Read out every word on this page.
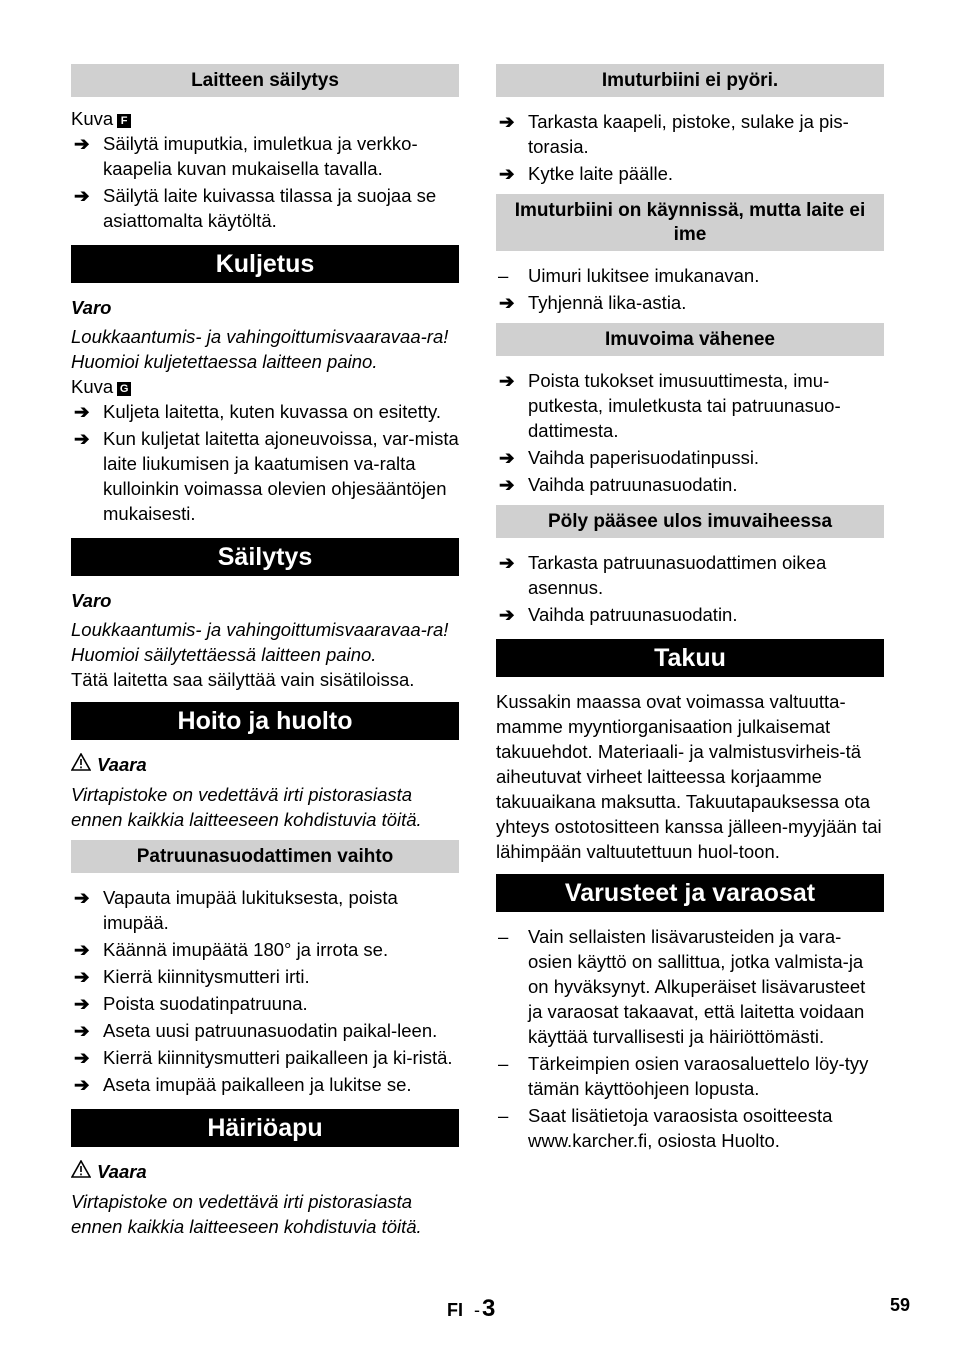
Laitteen säilytys
Kuva F
➔ Säilytä imuputkia, imuletkua ja verkko-kaapelia kuvan mukaisella tavalla.
➔ Säilytä laite kuivassa tilassa ja suojaa se asiattomalta käytöltä.
Kuljetus
Varo
Loukkaantumis- ja vahingoittumisvaaravaa-ra! Huomioi kuljetettaessa laitteen paino.
Kuva G
➔ Kuljeta laitetta, kuten kuvassa on esitetty.
➔ Kun kuljetat laitetta ajoneuvoissa, var-mista laite liukumisen ja kaatumisen va-ralta kulloinkin voimassa olevien ohjesääntöjen mukaisesti.
Säilytys
Varo
Loukkaantumis- ja vahingoittumisvaaravaa-ra! Huomioi säilytettäessä laitteen paino.
Tätä laitetta saa säilyttää vain sisätiloissa.
Hoito ja huolto
Vaara
Virtapistoke on vedettävä irti pistorasiasta ennen kaikkia laitteeseen kohdistuvia töitä.
Patruunasuodattimen vaihto
➔ Vapauta imupää lukituksesta, poista imupää.
➔ Käännä imupäätä 180° ja irrota se.
➔ Kierrä kiinnitysmutteri irti.
➔ Poista suodatinpatruuna.
➔ Aseta uusi patruunasuodatin paikal-leen.
➔ Kierrä kiinnitysmutteri paikalleen ja ki-ristä.
➔ Aseta imupää paikalleen ja lukitse se.
Häiriöapu
Vaara
Virtapistoke on vedettävä irti pistorasiasta ennen kaikkia laitteeseen kohdistuvia töitä.
Imuturbiini ei pyöri.
➔ Tarkasta kaapeli, pistoke, sulake ja pis-torasia.
➔ Kytke laite päälle.
Imuturbiini on käynnissä, mutta laite ei ime
– Uimuri lukitsee imukanavan.
➔ Tyhjennä lika-astia.
Imuvoima vähenee
➔ Poista tukokset imusuuttimesta, imu-putkesta, imuletkusta tai patruunasuo-dattimesta.
➔ Vaihda paperisuodatinpussi.
➔ Vaihda patruunasuodatin.
Pöly pääsee ulos imuvaiheessa
➔ Tarkasta patruunasuodattimen oikea asennus.
➔ Vaihda patruunasuodatin.
Takuu
Kussakin maassa ovat voimassa valtuutta-mamme myyntiorganisaation julkaisemat takuuehdot. Materiaali- ja valmistusvirheis-tä aiheutuvat virheet laitteessa korjaamme takuuaikana maksutta. Takuutapauksessa ota yhteys ostotositteen kanssa jälleen-myyjään tai lähimpään valtuutettuun huol-toon.
Varusteet ja varaosat
– Vain sellaisten lisävarusteiden ja vara-osien käyttö on sallittua, jotka valmista-ja on hyväksynyt. Alkuperäiset lisävarusteet ja varaosat takaavat, että laitetta voidaan käyttää turvallisesti ja häiriöttömästi.
– Tärkeimpien osien varaosaluettelo löy-tyy tämän käyttöohjeen lopusta.
– Saat lisätietoja varaosista osoitteesta www.karcher.fi, osiosta Huolto.
FI -3	59
